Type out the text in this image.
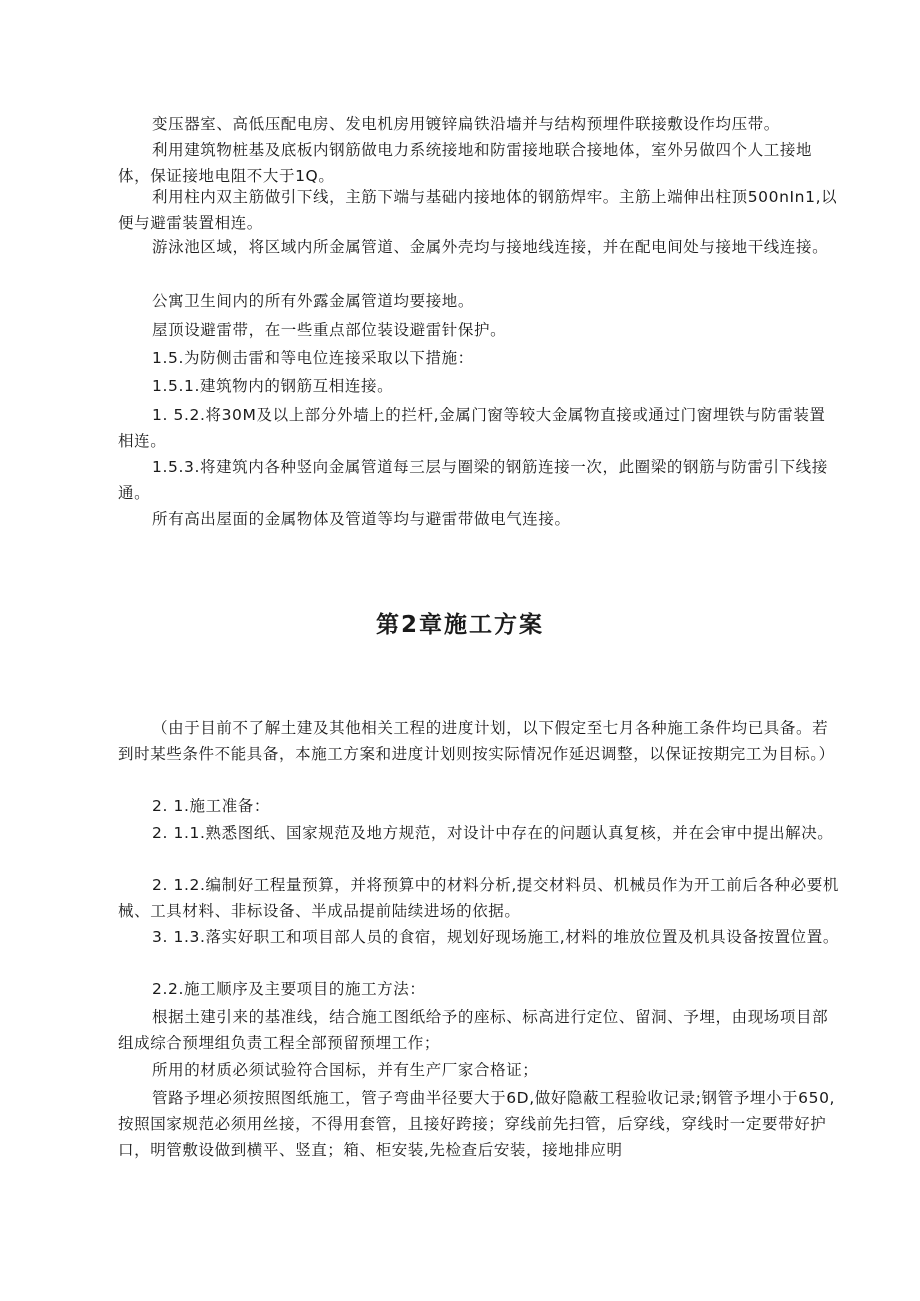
变压器室、高低压配电房、发电机房用镀锌扁铁沿墙并与结构预埋件联接敷设作均压带。

利用建筑物桩基及底板内钢筋做电力系统接地和防雷接地联合接地体，室外另做四个人工接地体，保证接地电阻不大于1Q。

利用柱内双主筋做引下线，主筋下端与基础内接地体的钢筋焊牢。主筋上端伸出柱顶500nIn1,以便与避雷装置相连。

游泳池区域，将区域内所金属管道、金属外壳均与接地线连接，并在配电间处与接地干线连接。

公寓卫生间内的所有外露金属管道均要接地。

屋顶设避雷带，在一些重点部位装设避雷针保护。

1.5.为防侧击雷和等电位连接采取以下措施：

1.5.1.建筑物内的钢筋互相连接。

1. 5.2.将30M及以上部分外墙上的拦杆,金属门窗等较大金属物直接或通过门窗埋铁与防雷装置相连。

1.5.3.将建筑内各种竖向金属管道每三层与圈梁的钢筋连接一次，此圈梁的钢筋与防雷引下线接通。

所有高出屋面的金属物体及管道等均与避雷带做电气连接。

第2章施工方案

（由于目前不了解土建及其他相关工程的进度计划，以下假定至七月各种施工条件均已具备。若到时某些条件不能具备，本施工方案和进度计划则按实际情况作延迟调整，以保证按期完工为目标。）

2. 1.施工准备：

2. 1.1.熟悉图纸、国家规范及地方规范，对设计中存在的问题认真复核，并在会审中提出解决。

2. 1.2.编制好工程量预算，并将预算中的材料分析,提交材料员、机械员作为开工前后各种必要机械、工具材料、非标设备、半成品提前陆续进场的依据。

3. 1.3.落实好职工和项目部人员的食宿，规划好现场施工,材料的堆放位置及机具设备按置位置。

2.2.施工顺序及主要项目的施工方法：

根据土建引来的基准线，结合施工图纸给予的座标、标高进行定位、留洞、予埋，由现场项目部组成综合预埋组负责工程全部预留预埋工作；

所用的材质必须试验符合国标，并有生产厂家合格证；

管路予埋必须按照图纸施工，管子弯曲半径要大于6D,做好隐蔽工程验收记录;钢管予埋小于650,按照国家规范必须用丝接，不得用套管，且接好跨接；穿线前先扫管，后穿线，穿线时一定要带好护口，明管敷设做到横平、竖直；箱、柜安装,先检查后安装，接地排应明
